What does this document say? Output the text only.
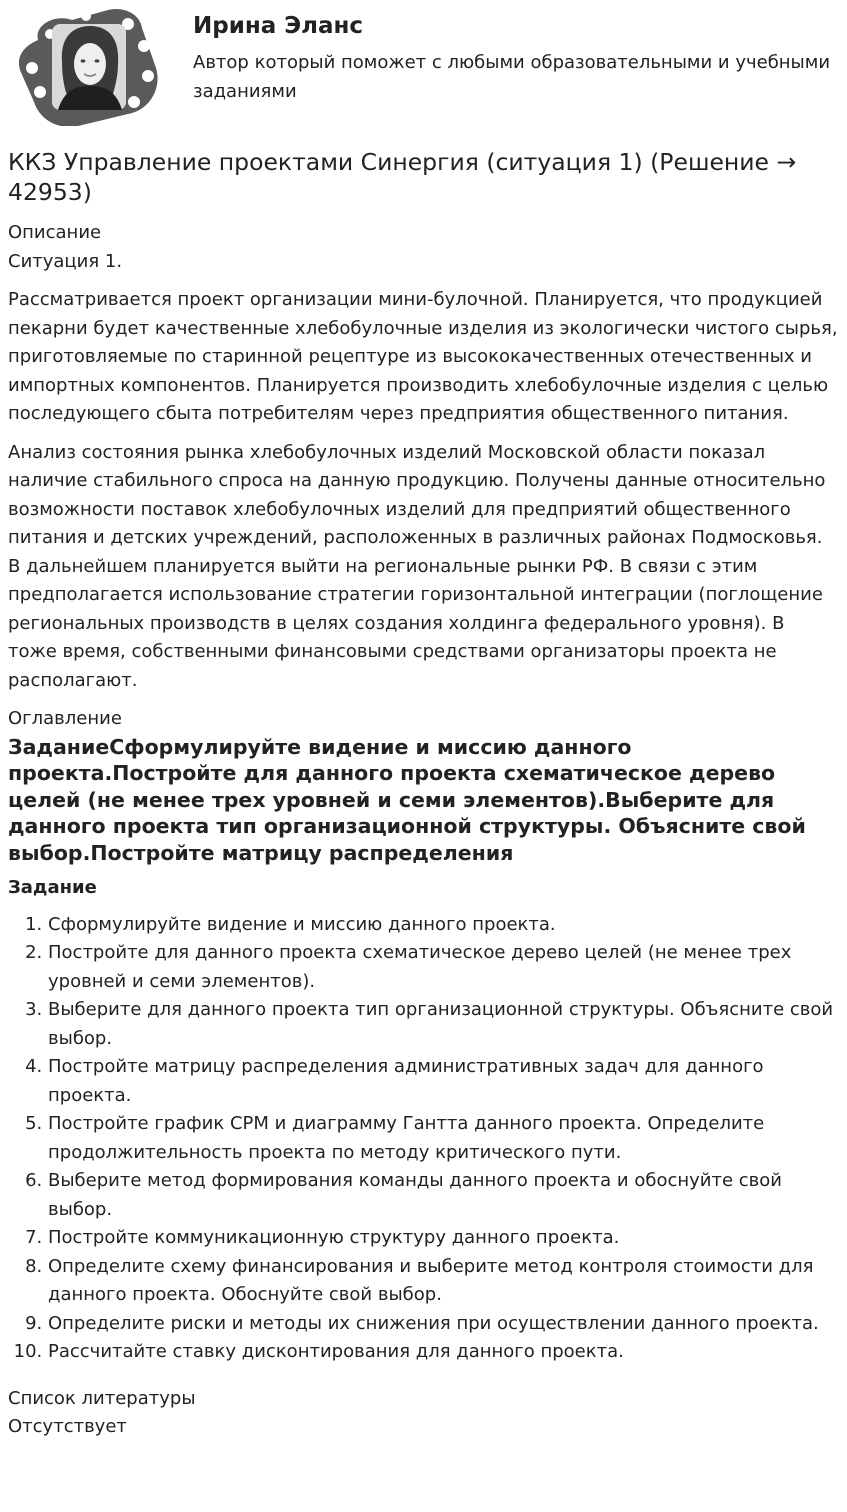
Ирина Эланс

Автор который поможет с любыми образовательными и учебными заданиями

ККЗ Управление проектами Синергия (ситуация 1) (Решение → 42953)
Описание
Ситуация 1.

Рассматривается проект организации мини-булочной. Планируется, что продукцией пекарни будет качественные хлебобулочные изделия из экологически чистого сырья, приготовляемые по старинной рецептуре из высококачественных отечественных и импортных компонентов. Планируется производить хлебобулочные изделия с целью последующего сбыта потребителям через предприятия общественного питания.

Анализ состояния рынка хлебобулочных изделий Московской области показал наличие стабильного спроса на данную продукцию. Получены данные относительно возможности поставок хлебобулочных изделий для предприятий общественного питания и детских учреждений, расположенных в различных районах Подмосковья. В дальнейшем планируется выйти на региональные рынки РФ. В связи с этим предполагается использование стратегии горизонтальной интеграции (поглощение региональных производств в целях создания холдинга федерального уровня). В тоже время, собственными финансовыми средствами организаторы проекта не располагают.

Оглавление
ЗаданиеСформулируйте видение и миссию данного проекта.Постройте для данного проекта схематическое дерево целей (не менее трех уровней и семи элементов).Выберите для данного проекта тип организационной структуры. Объясните свой выбор.Постройте матрицу распределения
Задание
1. Сформулируйте видение и миссию данного проекта.
2. Постройте для данного проекта схематическое дерево целей (не менее трех уровней и семи элементов).
3. Выберите для данного проекта тип организационной структуры. Объясните свой выбор.
4. Постройте матрицу распределения административных задач для данного проекта.
5. Постройте график CPM и диаграмму Гантта данного проекта. Определите продолжительность проекта по методу критического пути.
6. Выберите метод формирования команды данного проекта и обоснуйте свой выбор.
7. Постройте коммуникационную структуру данного проекта.
8. Определите схему финансирования и выберите метод контроля стоимости для данного проекта. Обоснуйте свой выбор.
9. Определите риски и методы их снижения при осуществлении данного проекта.
10. Рассчитайте ставку дисконтирования для данного проекта.
Список литературы
Отсутствует
